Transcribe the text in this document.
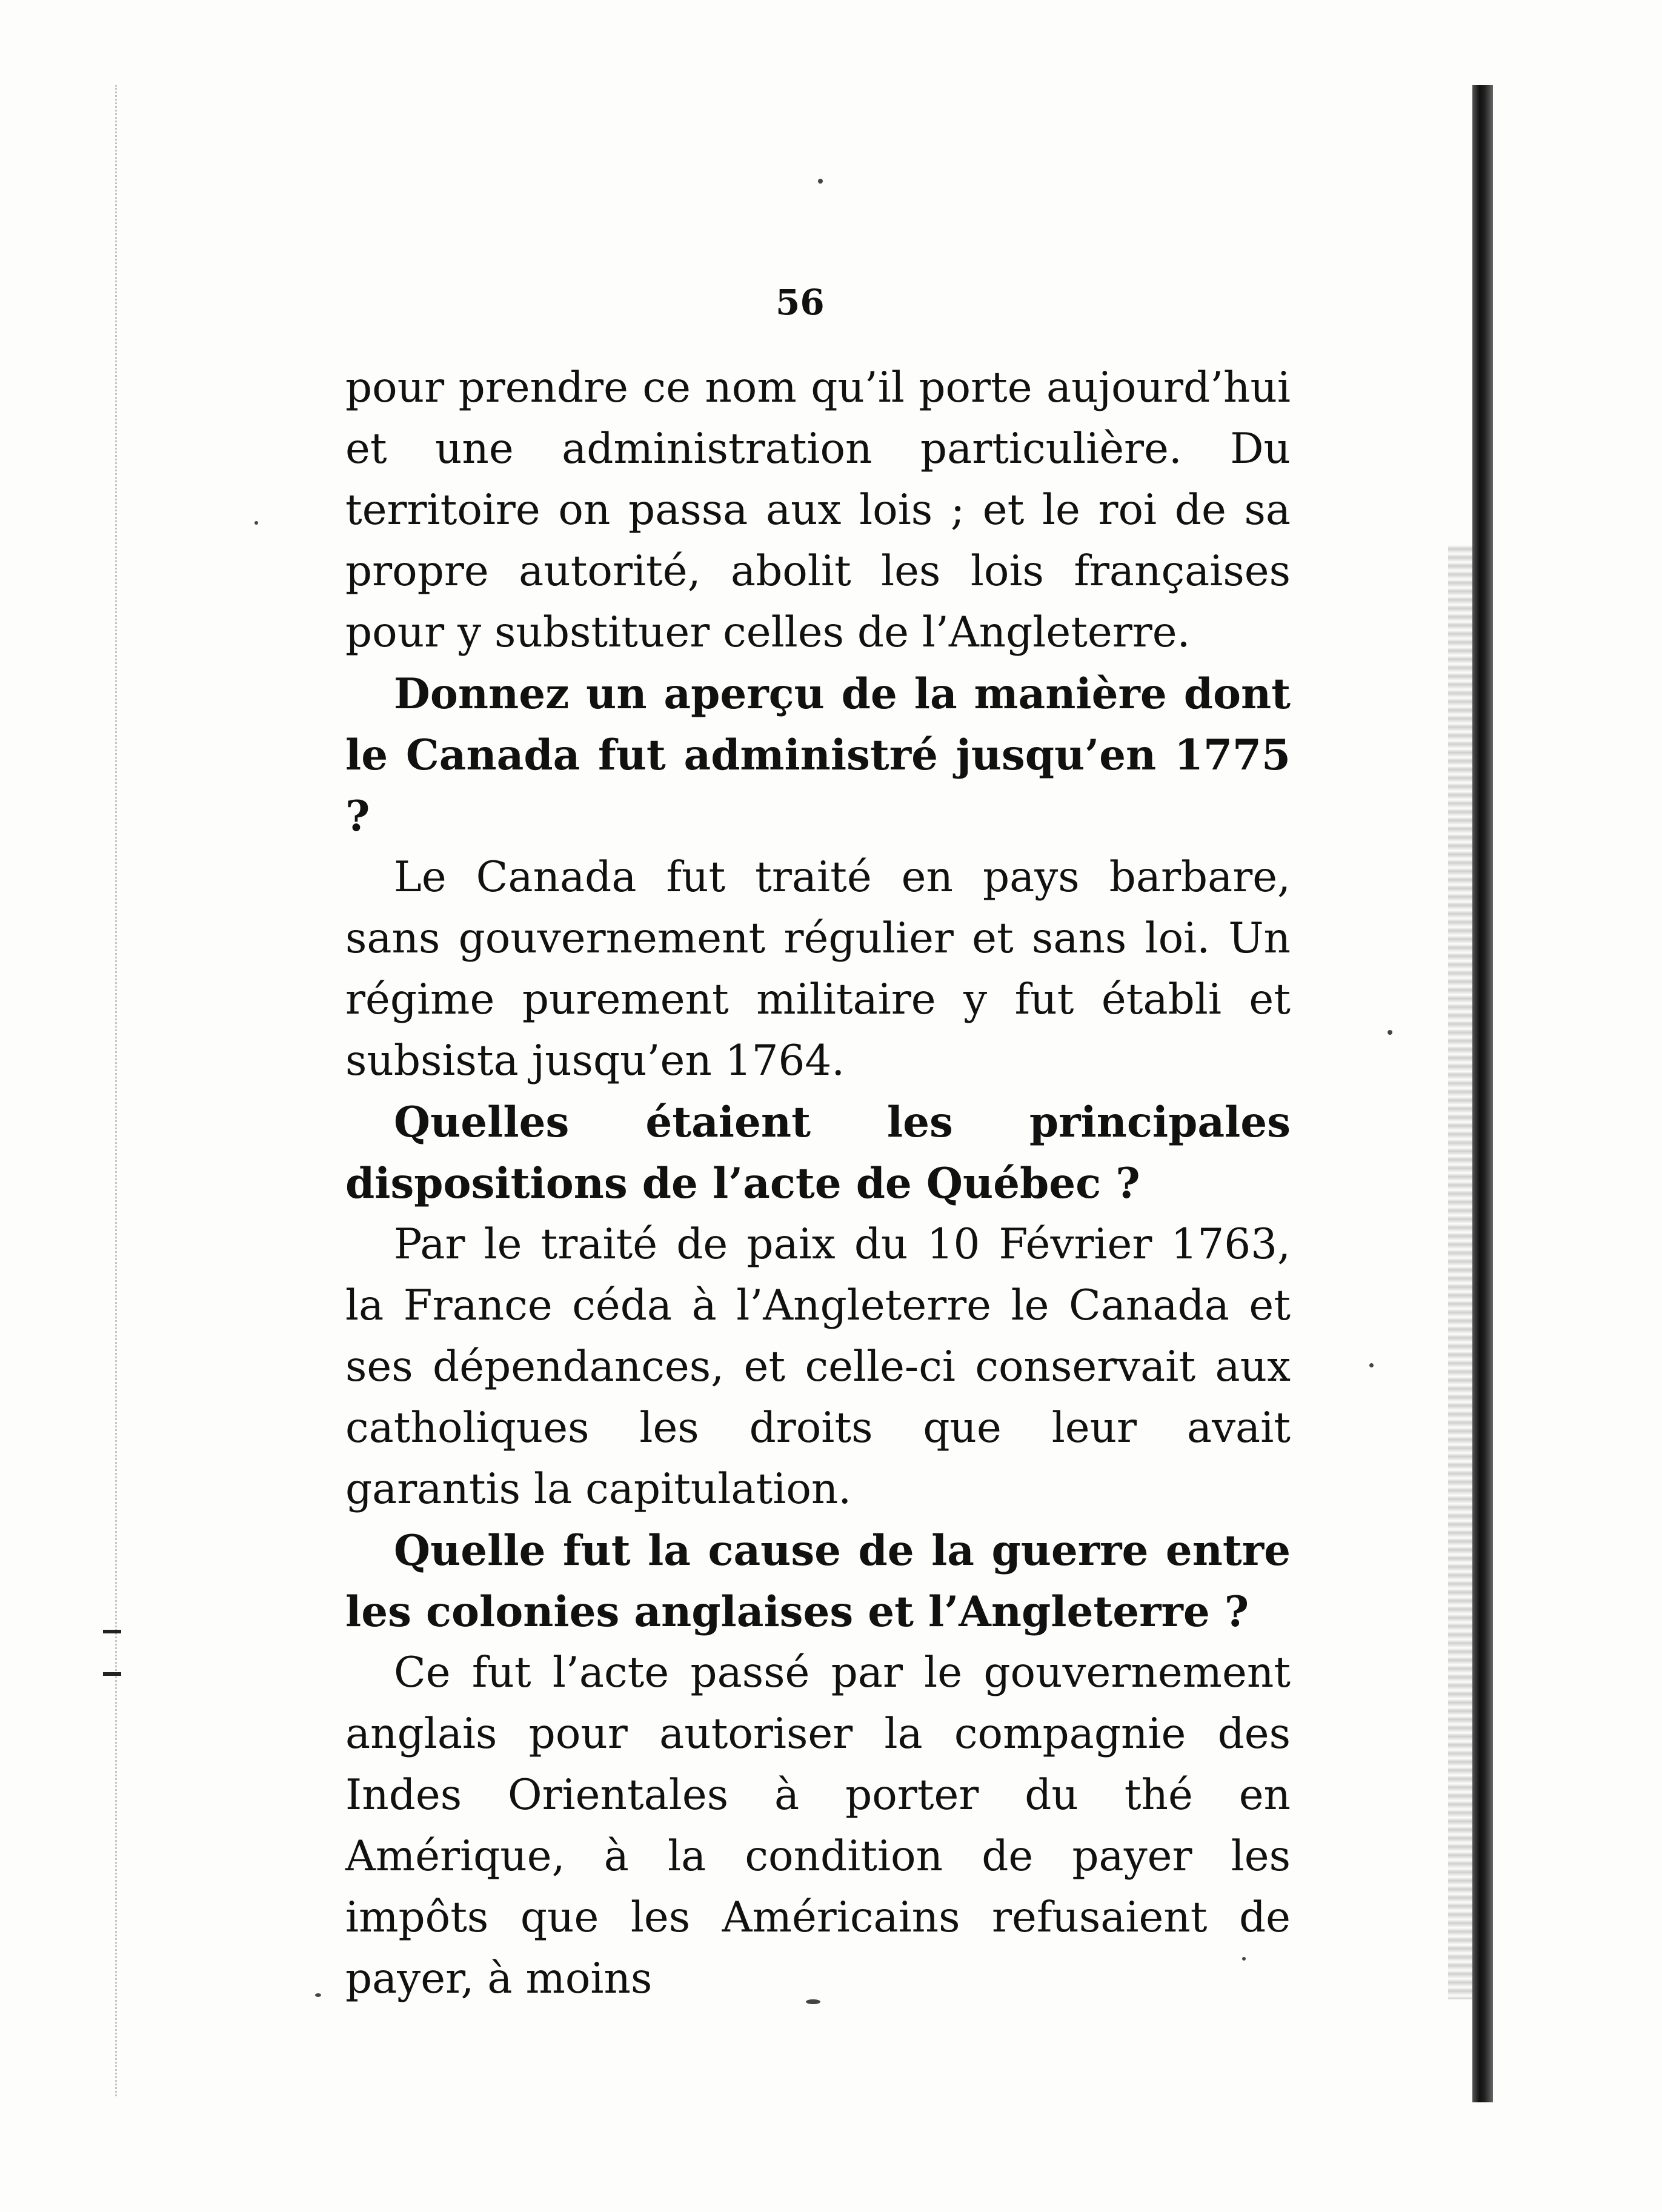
56

pour prendre ce nom qu’il porte aujourd’hui et une administration particulière. Du territoire on passa aux lois ; et le roi de sa propre autorité, abolit les lois françaises pour y substituer celles de l’Angleterre.

Donnez un aperçu de la manière dont le Canada fut administré jusqu’en 1775 ?

Le Canada fut traité en pays barbare, sans gouvernement régulier et sans loi. Un régime purement militaire y fut établi et subsista jusqu’en 1764.

Quelles étaient les principales dispositions de l’acte de Québec ?

Par le traité de paix du 10 Février 1763, la France céda à l’Angleterre le Canada et ses dépendances, et celle-ci conservait aux catholiques les droits que leur avait garantis la capitulation.

Quelle fut la cause de la guerre entre les colonies anglaises et l’Angleterre ?

Ce fut l’acte passé par le gouvernement anglais pour autoriser la compagnie des Indes Orientales à porter du thé en Amérique, à la condition de payer les impôts que les Américains refusaient de payer, à moins
